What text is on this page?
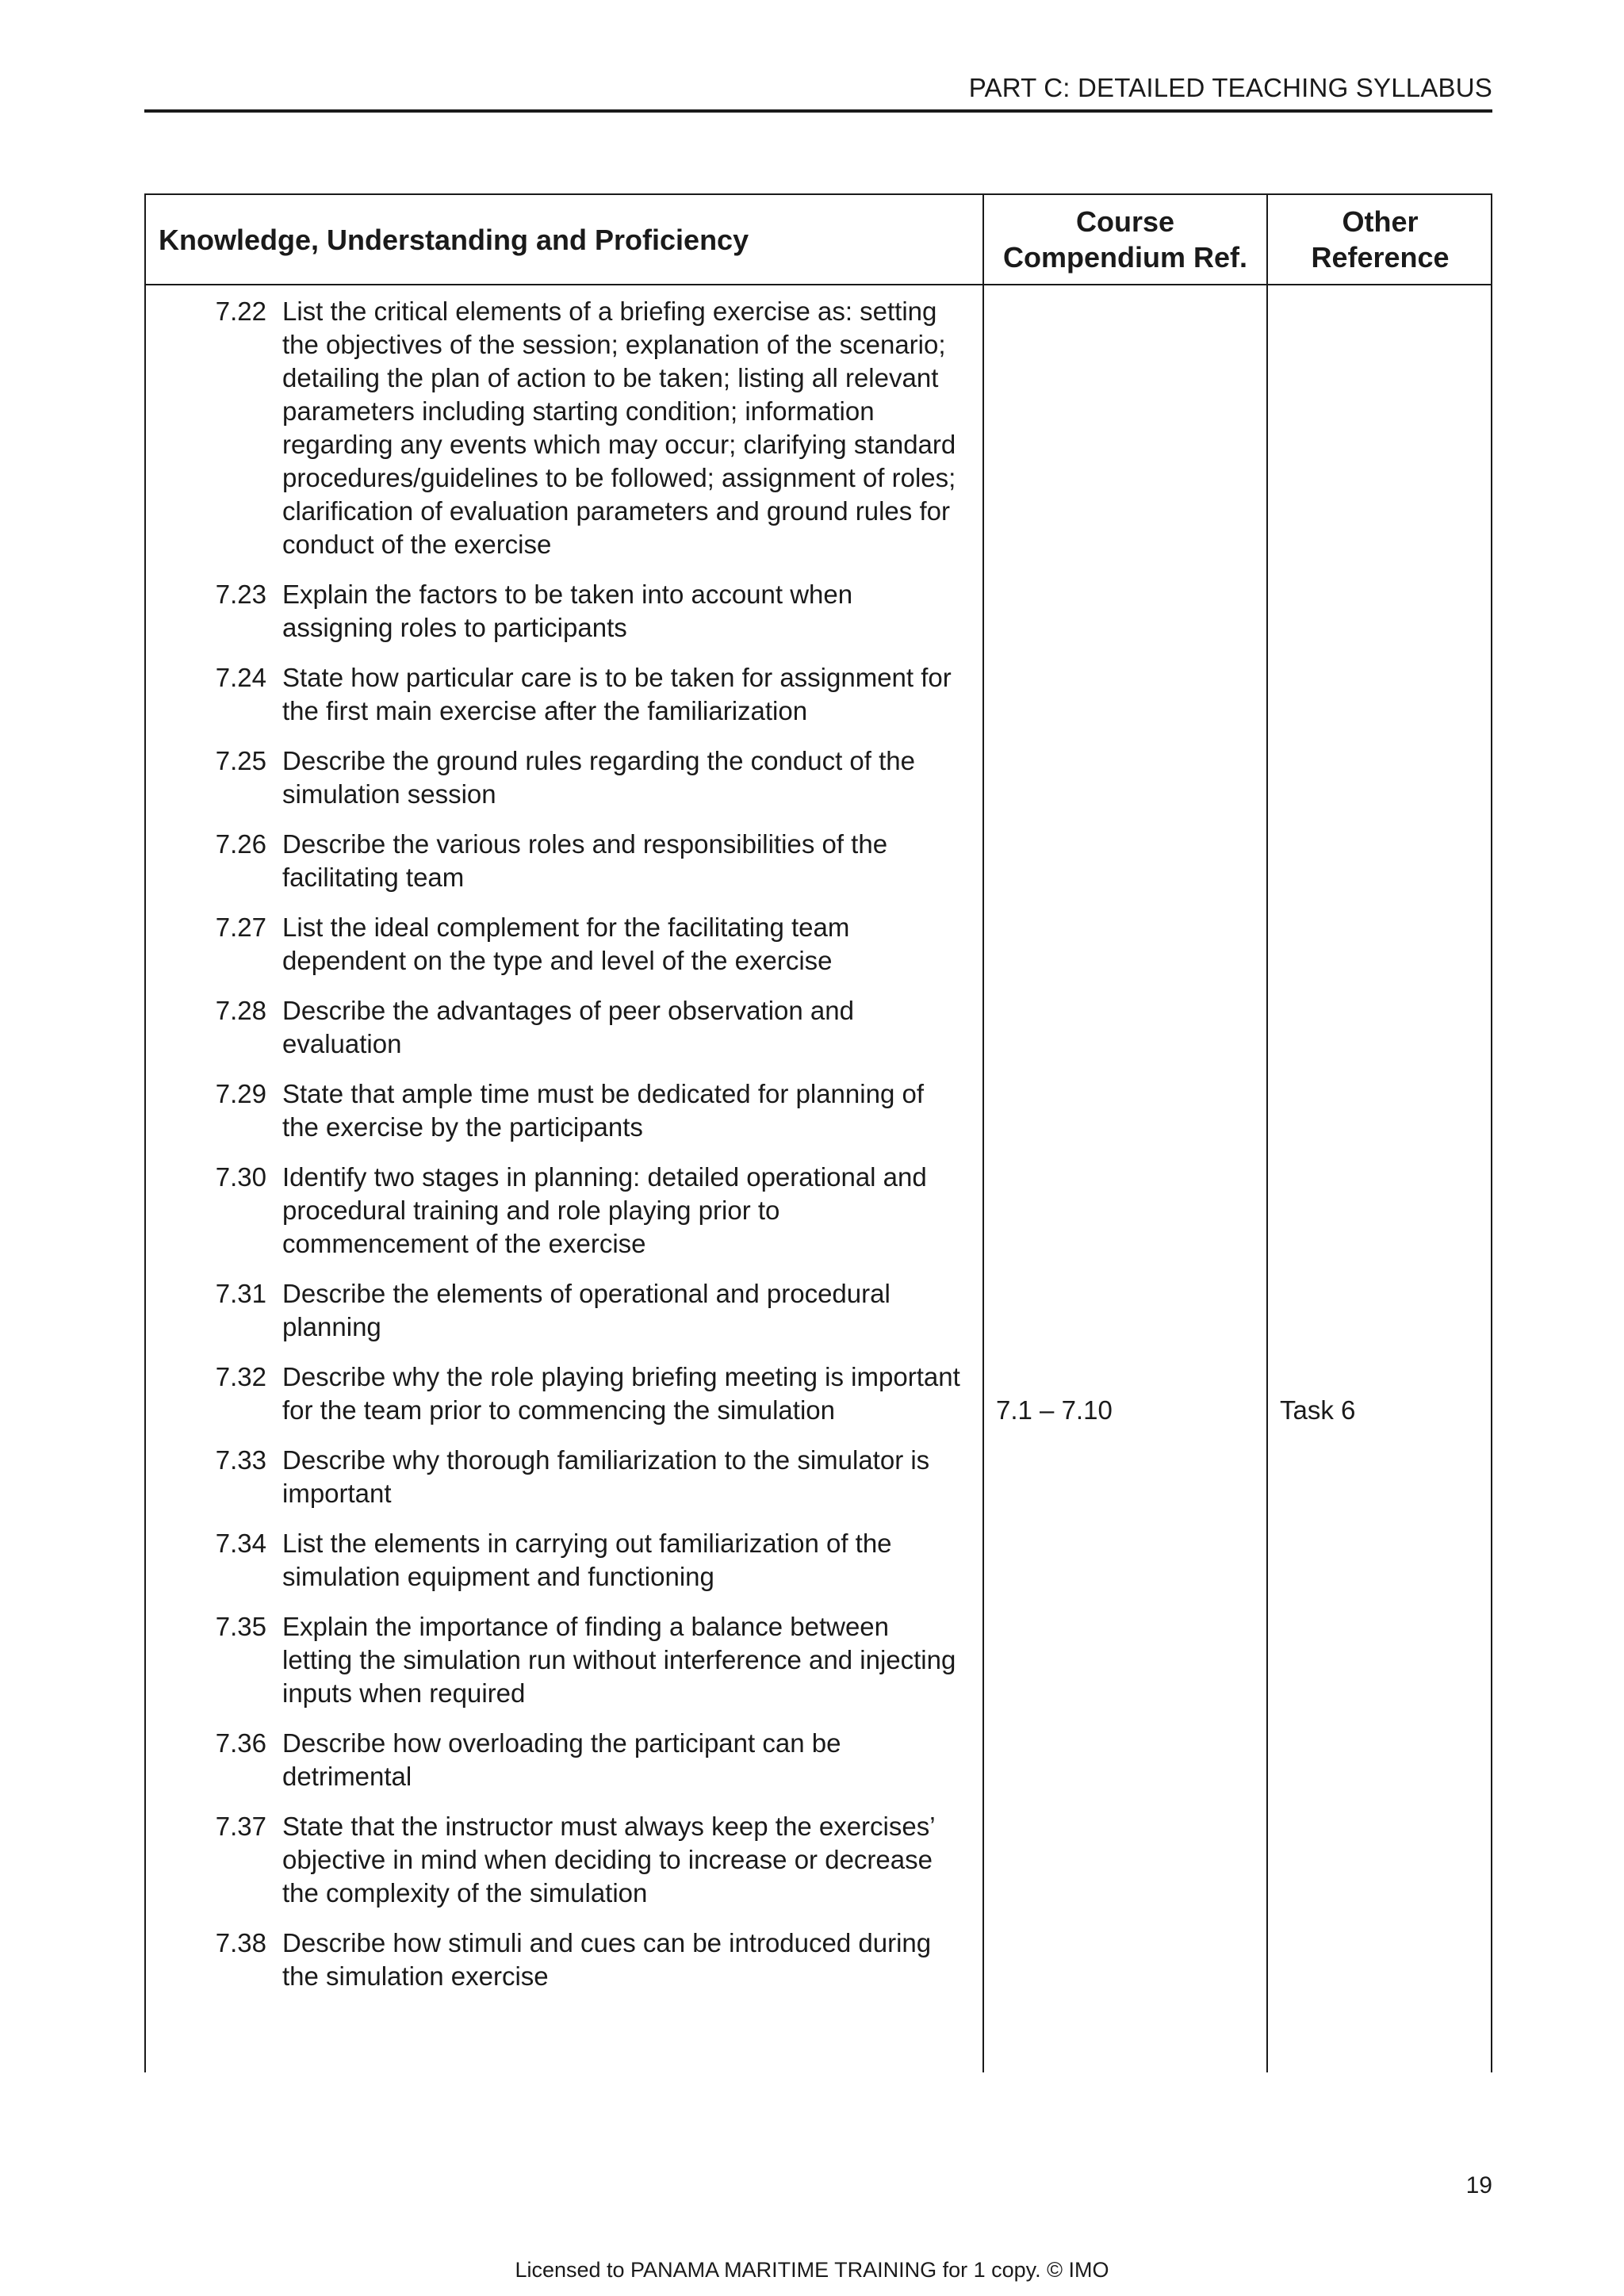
PART C: DETAILED TEACHING SYLLABUS
Knowledge, Understanding and Proficiency
Course
Compendium Ref.
Other
Reference
7.22 List the critical elements of a briefing exercise as: setting the objectives of the session; explanation of the scenario; detailing the plan of action to be taken; listing all relevant parameters including starting condition; information regarding any events which may occur; clarifying standard procedures/guidelines to be followed; assignment of roles; clarification of evaluation parameters and ground rules for conduct of the exercise
7.23 Explain the factors to be taken into account when assigning roles to participants
7.24 State how particular care is to be taken for assignment for the first main exercise after the familiarization
7.25 Describe the ground rules regarding the conduct of the simulation session
7.26 Describe the various roles and responsibilities of the facilitating team
7.27 List the ideal complement for the facilitating team dependent on the type and level of the exercise
7.28 Describe the advantages of peer observation and evaluation
7.29 State that ample time must be dedicated for planning of the exercise by the participants
7.30 Identify two stages in planning: detailed operational and procedural training and role playing prior to commencement of the exercise
7.31 Describe the elements of operational and procedural planning
7.32 Describe why the role playing briefing meeting is important for the team prior to commencing the simulation
7.33 Describe why thorough familiarization to the simulator is important
7.34 List the elements in carrying out familiarization of the simulation equipment and functioning
7.35 Explain the importance of finding a balance between letting the simulation run without interference and injecting inputs when required
7.36 Describe how overloading the participant can be detrimental
7.37 State that the instructor must always keep the exercises’ objective in mind when deciding to increase or decrease the complexity of the simulation
7.38 Describe how stimuli and cues can be introduced during the simulation exercise
7.1 – 7.10	Task 6
19
Licensed to PANAMA MARITIME TRAINING for 1 copy. © IMO
